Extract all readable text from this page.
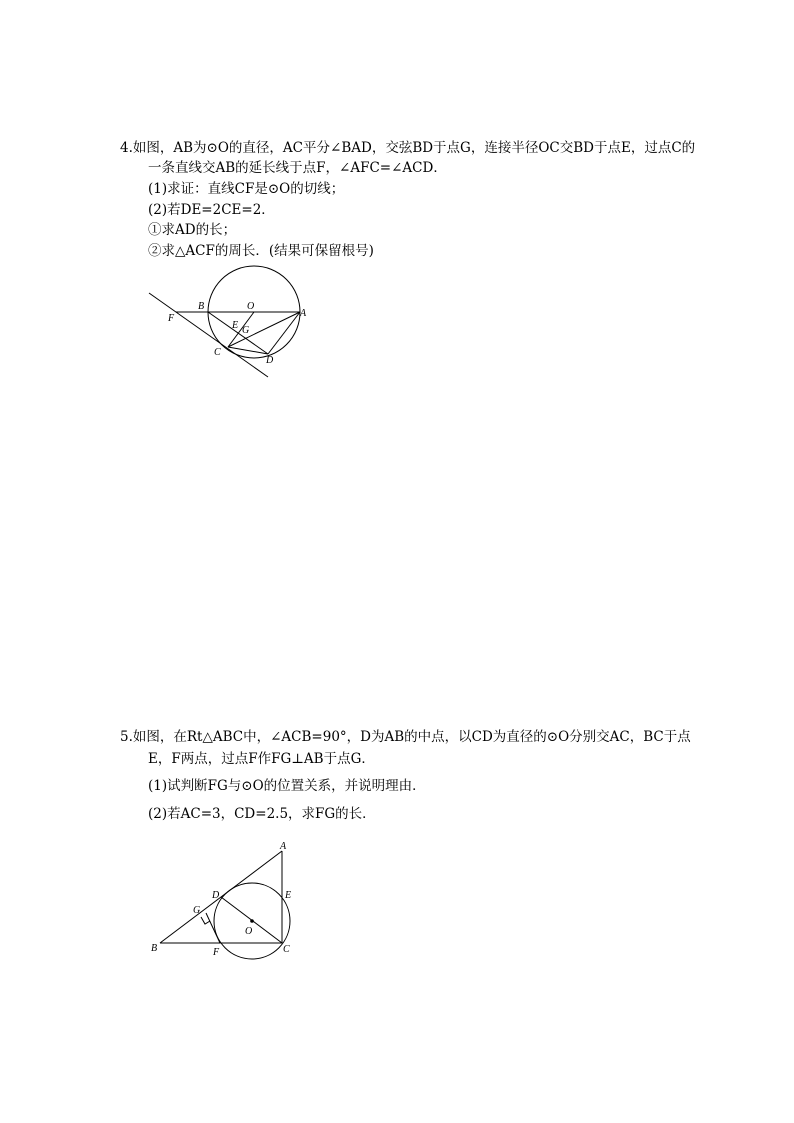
4.如图，AB为⊙O的直径，AC平分∠BAD，交弦BD于点G，连接半径OC交BD于点E，过点C的
一条直线交AB的延长线于点F，∠AFC=∠ACD．
(1)求证：直线CF是⊙O的切线；
(2)若DE=2CE=2．
①求AD的长；
②求△ACF的周长．(结果可保留根号)
B	O
A
F
E G
C
D
5.如图，在Rt△ABC中，∠ACB=90°，D为AB的中点，以CD为直径的⊙O分别交AC，BC于点
E，F两点，过点F作FG⊥AB于点G．
(1)试判断FG与⊙O的位置关系，并说明理由．
(2)若AC=3，CD=2.5，求FG的长．
A
D	E
G
O
B	F	C
